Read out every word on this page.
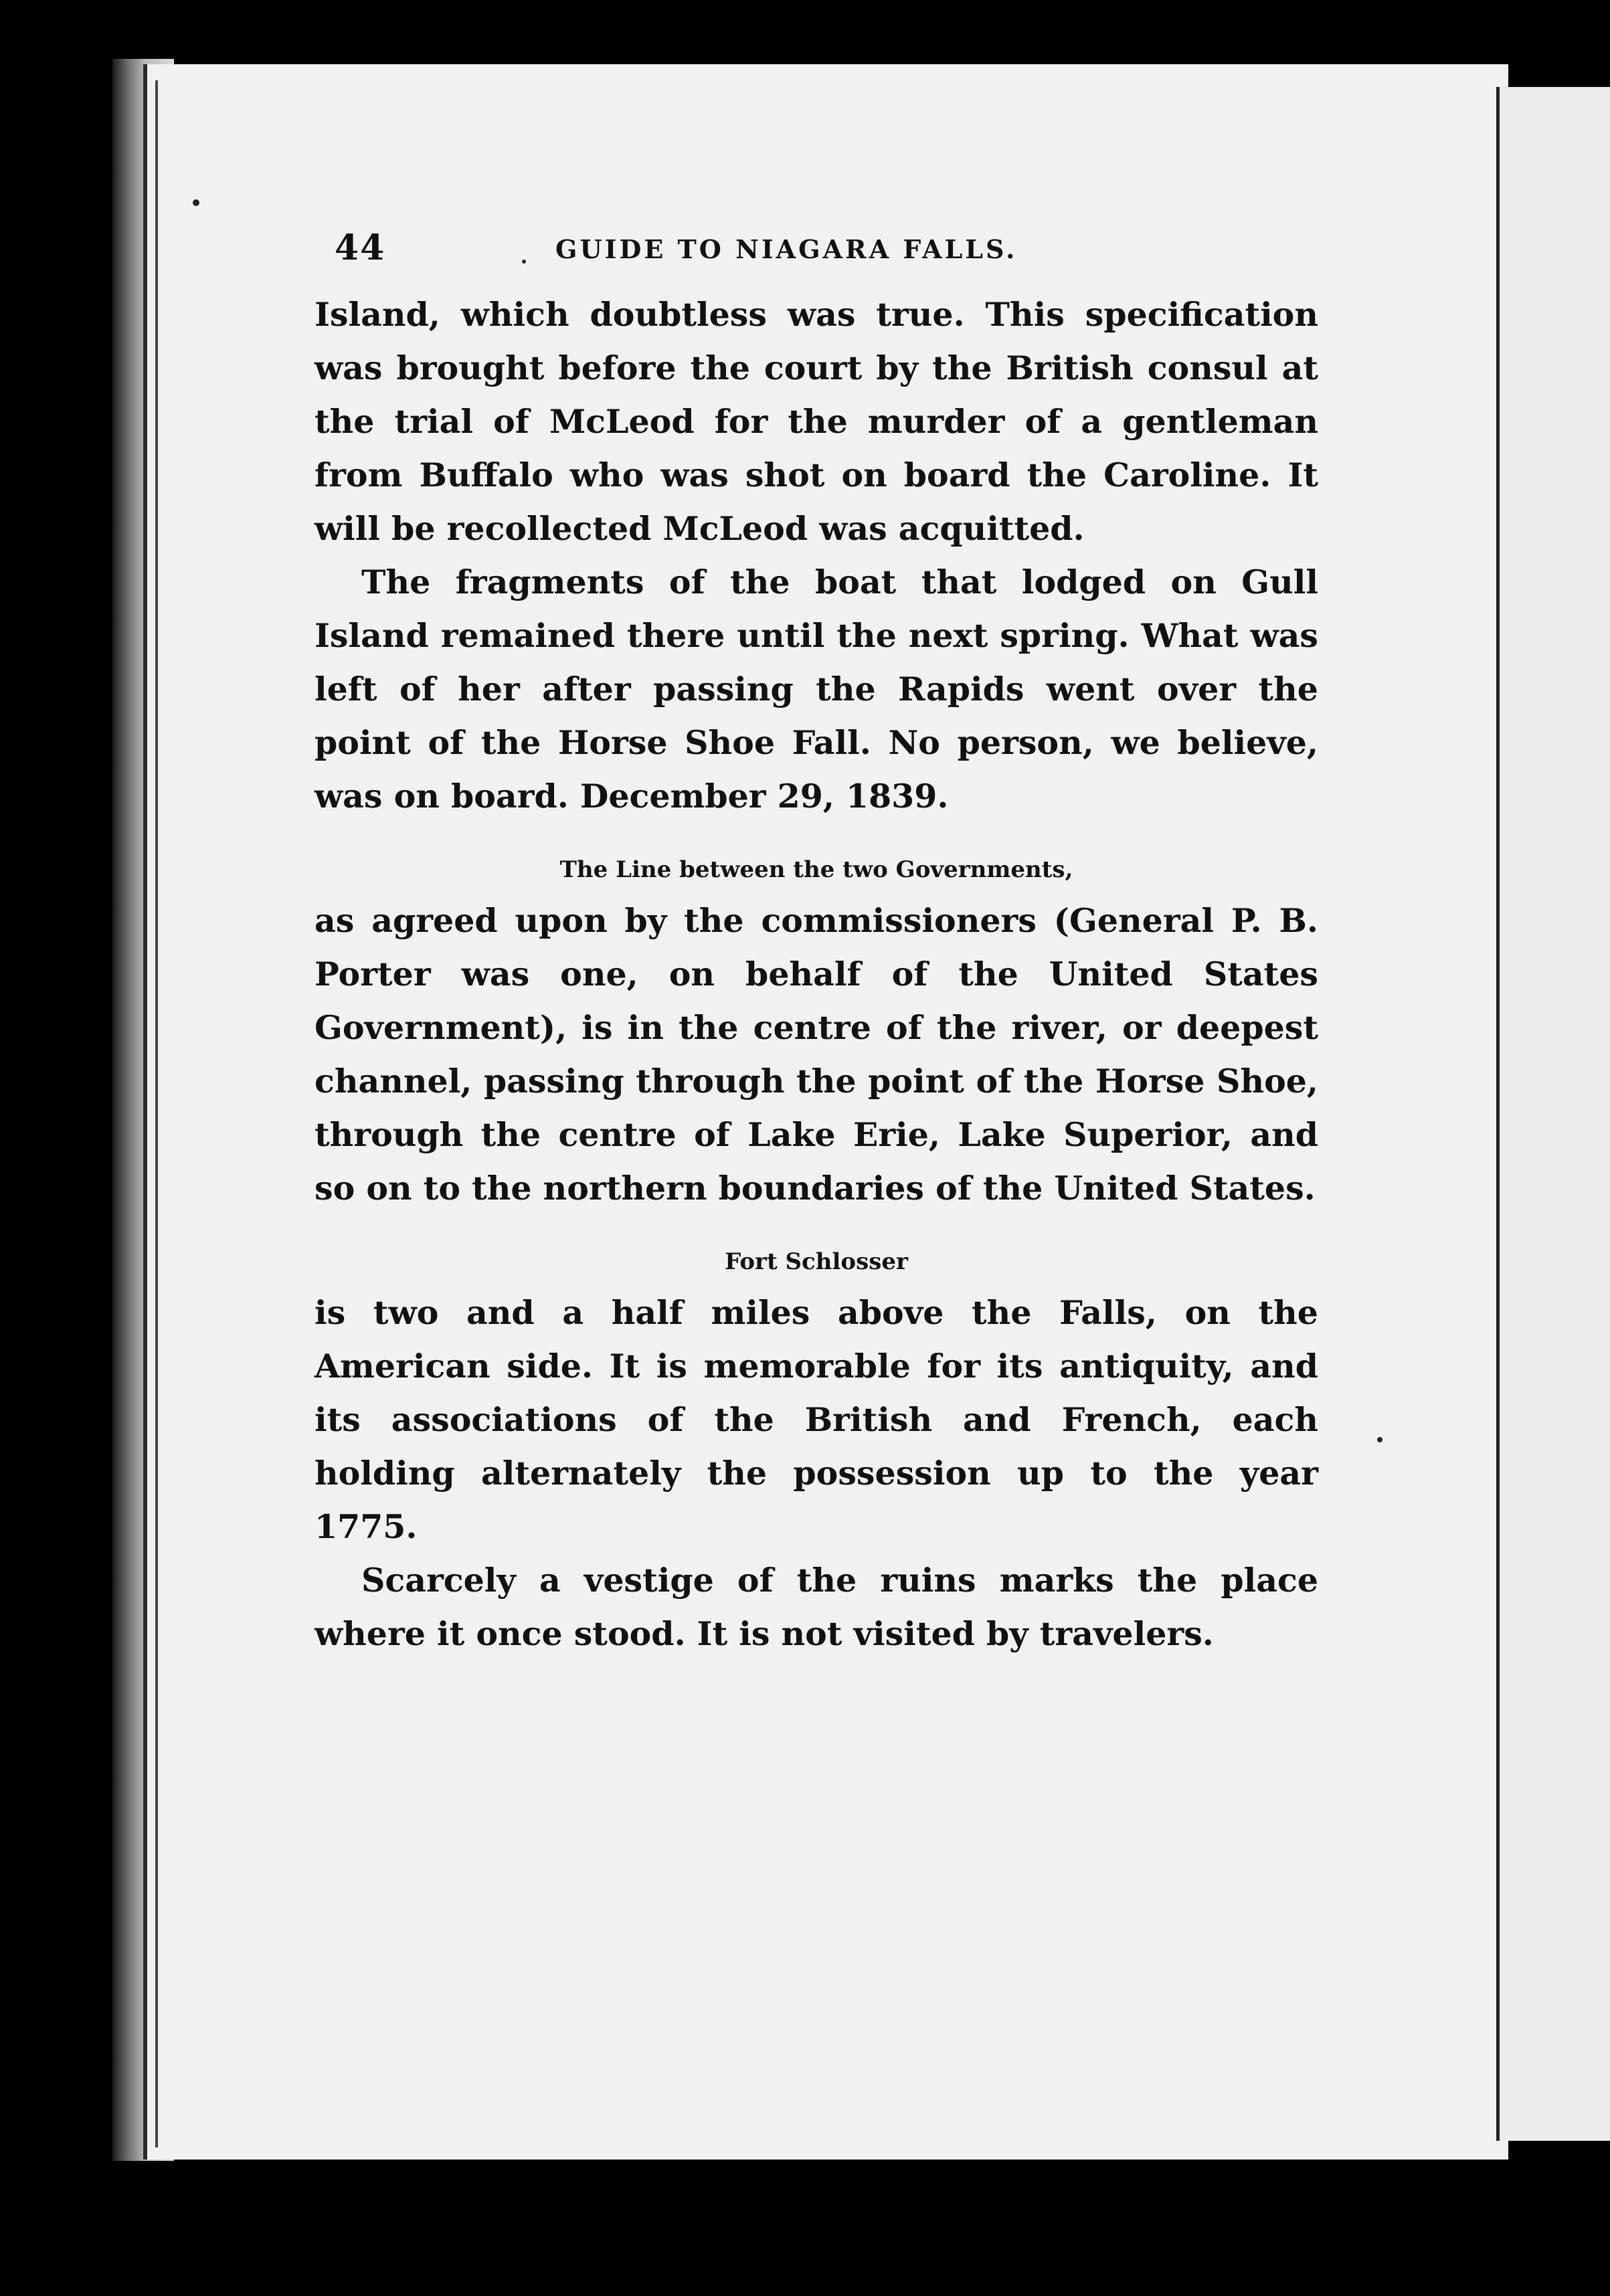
44	GUIDE TO NIAGARA FALLS.

Island, which doubtless was true. This specification was brought before the court by the British consul at the trial of McLeod for the murder of a gentleman from Buffalo who was shot on board the Caroline. It will be recollected McLeod was acquitted.

The fragments of the boat that lodged on Gull Island remained there until the next spring. What was left of her after passing the Rapids went over the point of the Horse Shoe Fall. No person, we believe, was on board. December 29, 1839.

The Line between the two Governments,

as agreed upon by the commissioners (General P. B. Porter was one, on behalf of the United States Government), is in the centre of the river, or deepest channel, passing through the point of the Horse Shoe, through the centre of Lake Erie, Lake Superior, and so on to the northern boundaries of the United States.

Fort Schlosser

is two and a half miles above the Falls, on the American side. It is memorable for its antiquity, and its associations of the British and French, each holding alternately the possession up to the year 1775.

Scarcely a vestige of the ruins marks the place where it once stood. It is not visited by travelers.
